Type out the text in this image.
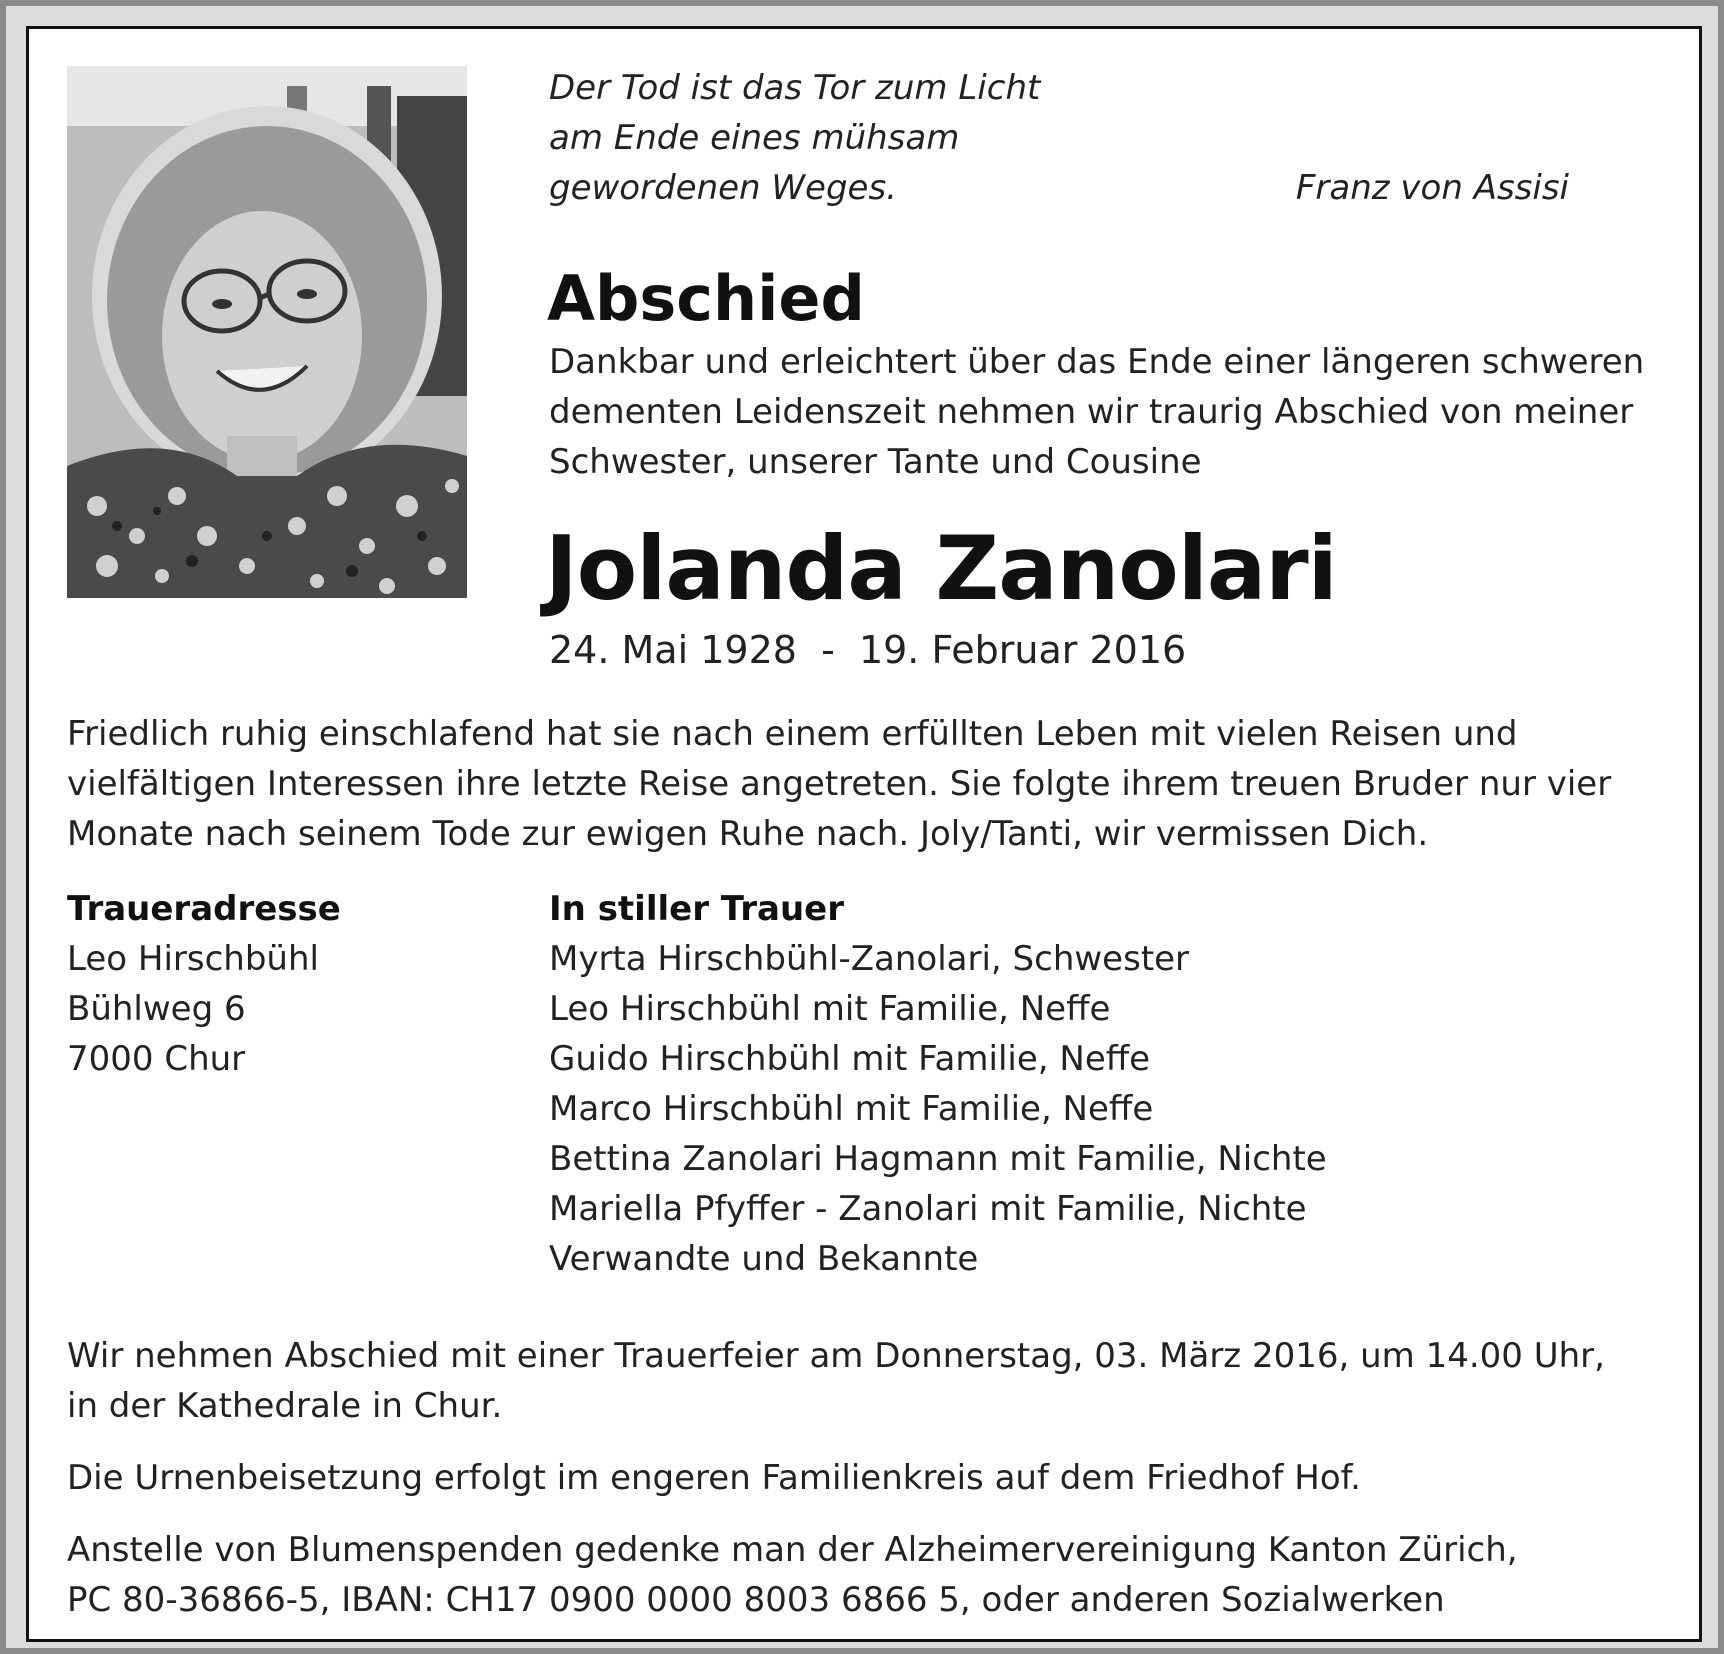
Der Tod ist das Tor zum Licht
am Ende eines mühsam
gewordenen Weges.	Franz von Assisi
Abschied
Dankbar und erleichtert über das Ende einer längeren schweren
dementen Leidenszeit nehmen wir traurig Abschied von meiner
Schwester, unserer Tante und Cousine
Jolanda Zanolari
24. Mai 1928  -  19. Februar 2016
Friedlich ruhig einschlafend hat sie nach einem erfüllten Leben mit vielen Reisen und
vielfältigen Interessen ihre letzte Reise angetreten. Sie folgte ihrem treuen Bruder nur vier
Monate nach seinem Tode zur ewigen Ruhe nach. Joly/Tanti, wir vermissen Dich.
Traueradresse
Leo Hirschbühl
Bühlweg 6
7000 Chur
In stiller Trauer
Myrta Hirschbühl-Zanolari, Schwester
Leo Hirschbühl mit Familie, Neffe
Guido Hirschbühl mit Familie, Neffe
Marco Hirschbühl mit Familie, Neffe
Bettina Zanolari Hagmann mit Familie, Nichte
Mariella Pfyffer - Zanolari mit Familie, Nichte
Verwandte und Bekannte
Wir nehmen Abschied mit einer Trauerfeier am Donnerstag, 03. März 2016, um 14.00 Uhr,
in der Kathedrale in Chur.
Die Urnenbeisetzung erfolgt im engeren Familienkreis auf dem Friedhof Hof.
Anstelle von Blumenspenden gedenke man der Alzheimervereinigung Kanton Zürich,
PC 80-36866-5, IBAN: CH17 0900 0000 8003 6866 5, oder anderen Sozialwerken
